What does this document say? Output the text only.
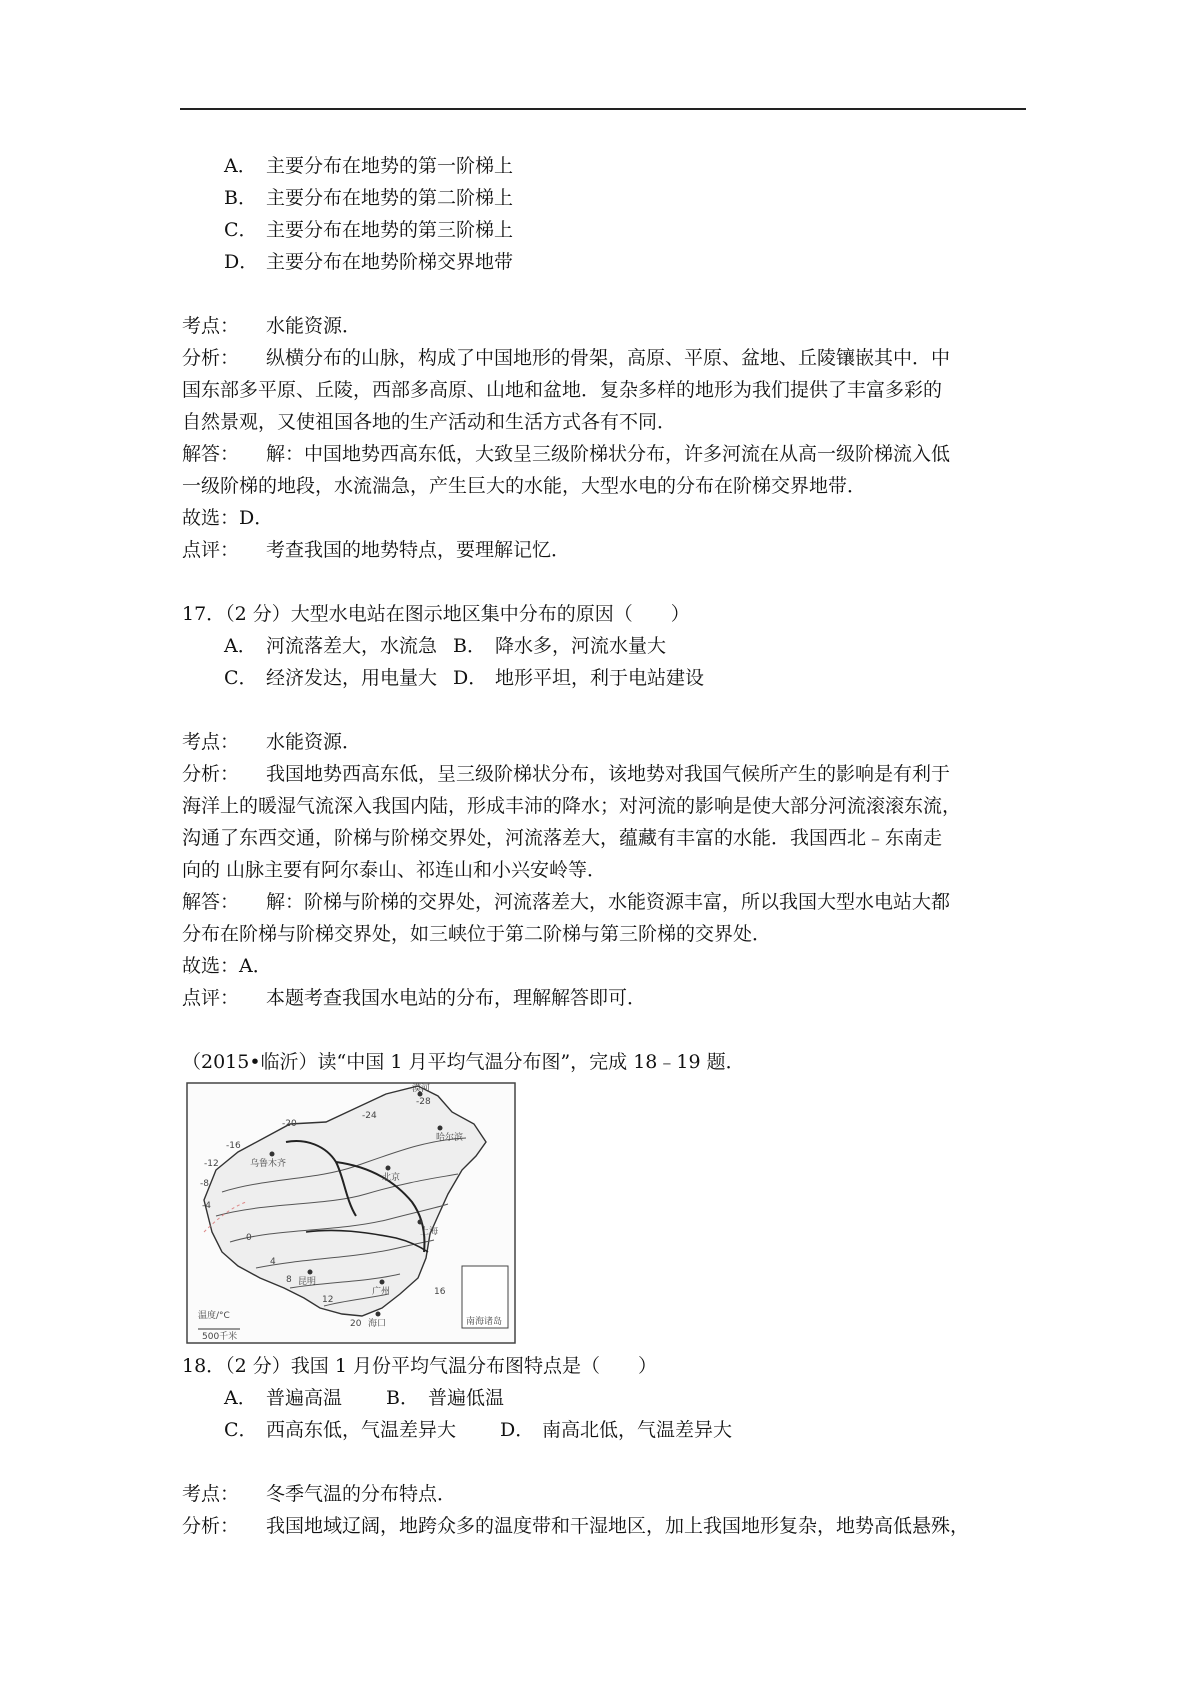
A． 主要分布在地势的第一阶梯上
B． 主要分布在地势的第二阶梯上
C． 主要分布在地势的第三阶梯上
D． 主要分布在地势阶梯交界地带
考点： 水能资源．
分析： 纵横分布的山脉，构成了中国地形的骨架，高原、平原、盆地、丘陵镶嵌其中．中
国东部多平原、丘陵，西部多高原、山地和盆地．复杂多样的地形为我们提供了丰富多彩的
自然景观，又使祖国各地的生产活动和生活方式各有不同．
解答： 解：中国地势西高东低，大致呈三级阶梯状分布，许多河流在从高一级阶梯流入低
一级阶梯的地段，水流湍急，产生巨大的水能，大型水电的分布在阶梯交界地带．
故选：D．
点评： 考查我国的地势特点，要理解记忆．
17．（2 分）大型水电站在图示地区集中分布的原因（　　）
A． 河流落差大，水流急 B． 降水多，河流水量大
C． 经济发达，用电量大 D． 地形平坦，利于电站建设
考点： 水能资源．
分析： 我国地势西高东低，呈三级阶梯状分布，该地势对我国气候所产生的影响是有利于
海洋上的暖湿气流深入我国内陆，形成丰沛的降水；对河流的影响是使大部分河流滚滚东流，
沟通了东西交通，阶梯与阶梯交界处，河流落差大，蕴藏有丰富的水能．我国西北﹣东南走
向的 山脉主要有阿尔泰山、祁连山和小兴安岭等．
解答： 解：阶梯与阶梯的交界处，河流落差大，水能资源丰富，所以我国大型水电站大都
分布在阶梯与阶梯交界处，如三峡位于第二阶梯与第三阶梯的交界处．
故选：A．
点评： 本题考查我国水电站的分布，理解解答即可．
（2015•临沂）读“中国 1 月平均气温分布图”，完成 18﹣19 题．
漠河
-28
-24
-20
-16
-12
-8
-4
哈尔滨
乌鲁木齐
北京
上海
广州
海口
昆明
0
4
8
12
16
20
温度/°C
500千米
南海诸岛
18．（2 分）我国 1 月份平均气温分布图特点是（　　）
A． 普遍高温 B． 普遍低温
C． 西高东低，气温差异大 D． 南高北低，气温差异大
考点： 冬季气温的分布特点．
分析： 我国地域辽阔，地跨众多的温度带和干湿地区，加上我国地形复杂，地势高低悬殊，
